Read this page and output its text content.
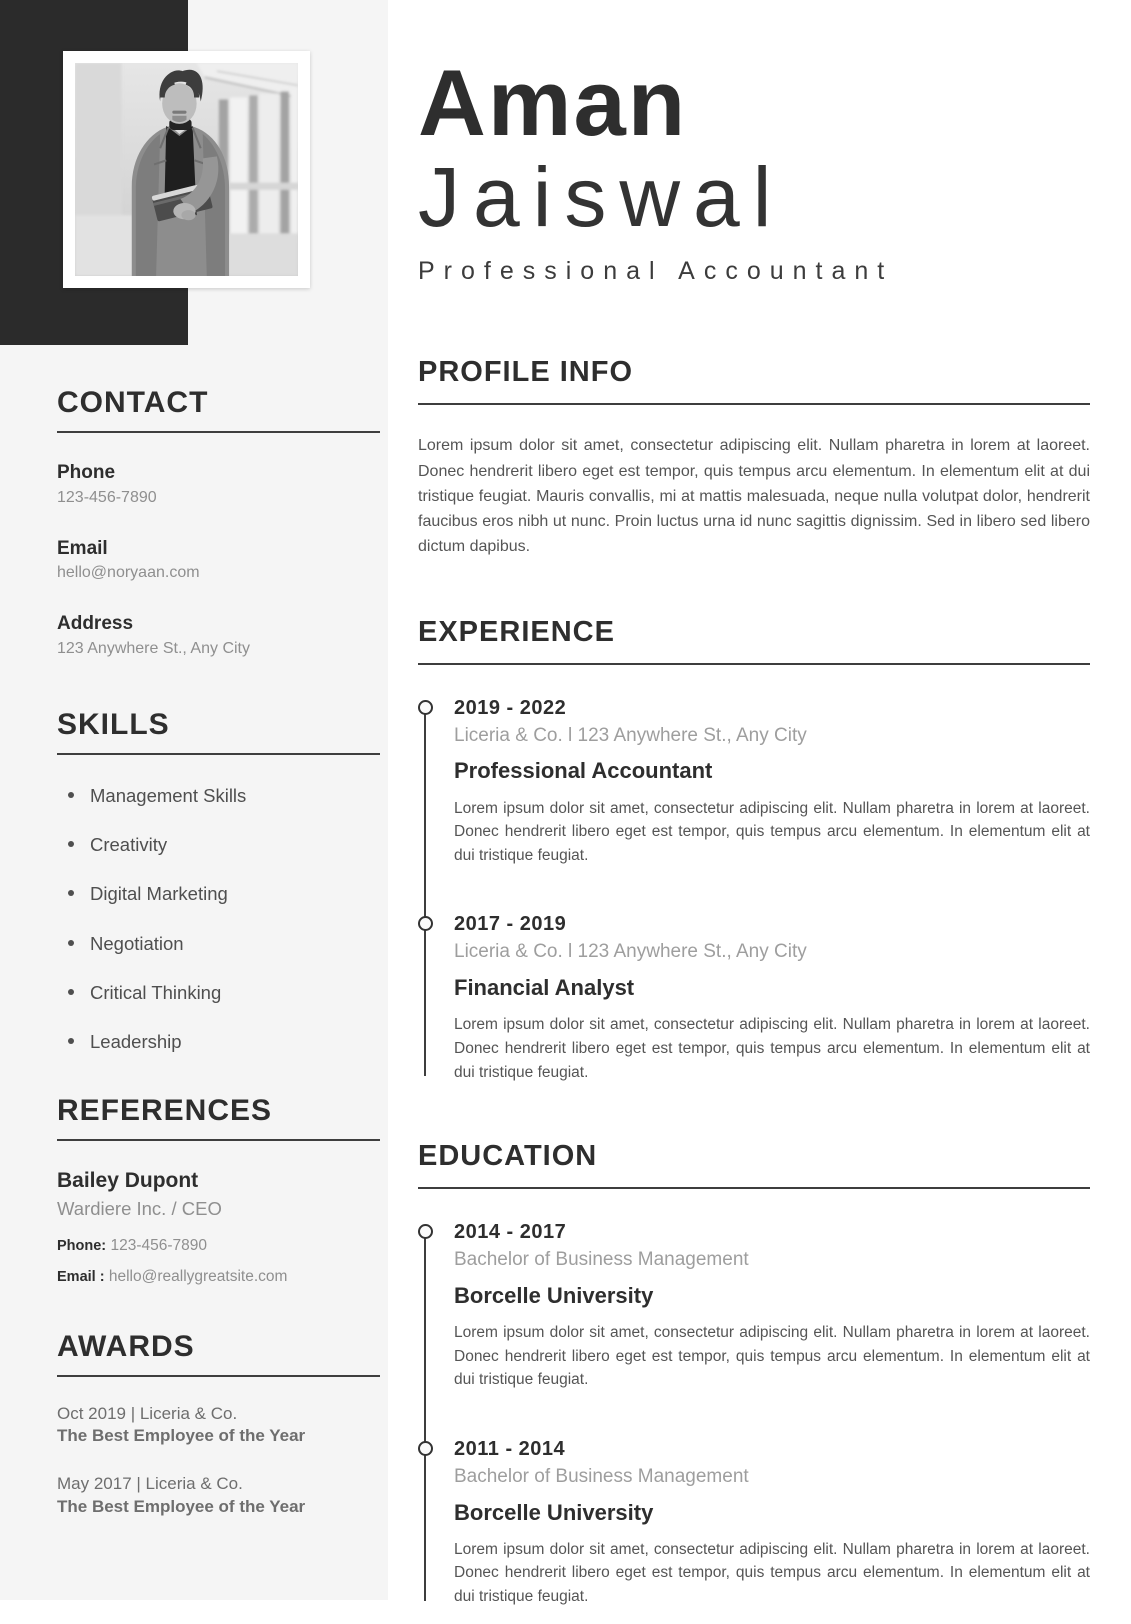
CONTACT
Phone
123-456-7890
Email
hello@noryaan.com
Address
123 Anywhere St., Any City
SKILLS
Management Skills
Creativity
Digital Marketing
Negotiation
Critical Thinking
Leadership
REFERENCES
Bailey Dupont
Wardiere Inc. / CEO
Phone: 123-456-7890
Email : hello@reallygreatsite.com
AWARDS
Oct 2019 | Liceria & Co.
The Best Employee of the Year
May 2017 | Liceria & Co.
The Best Employee of the Year
Aman
Jaiswal
Professional Accountant
PROFILE INFO

Lorem ipsum dolor sit amet, consectetur adipiscing elit. Nullam pharetra in lorem at laoreet. Donec hendrerit libero eget est tempor, quis tempus arcu elementum. In elementum elit at dui tristique feugiat. Mauris convallis, mi at mattis malesuada, neque nulla volutpat dolor, hendrerit faucibus eros nibh ut nunc. Proin luctus urna id nunc sagittis dignissim. Sed in libero sed libero dictum dapibus.

EXPERIENCE
2019 - 2022
Liceria & Co. l 123 Anywhere St., Any City
Professional Accountant

Lorem ipsum dolor sit amet, consectetur adipiscing elit. Nullam pharetra in lorem at laoreet. Donec hendrerit libero eget est tempor, quis tempus arcu elementum. In elementum elit at dui tristique feugiat.

2017 - 2019
Liceria & Co. l 123 Anywhere St., Any City
Financial Analyst

Lorem ipsum dolor sit amet, consectetur adipiscing elit. Nullam pharetra in lorem at laoreet. Donec hendrerit libero eget est tempor, quis tempus arcu elementum. In elementum elit at dui tristique feugiat.

EDUCATION
2014 - 2017
Bachelor of Business Management
Borcelle University

Lorem ipsum dolor sit amet, consectetur adipiscing elit. Nullam pharetra in lorem at laoreet. Donec hendrerit libero eget est tempor, quis tempus arcu elementum. In elementum elit at dui tristique feugiat.

2011 - 2014
Bachelor of Business Management
Borcelle University

Lorem ipsum dolor sit amet, consectetur adipiscing elit. Nullam pharetra in lorem at laoreet. Donec hendrerit libero eget est tempor, quis tempus arcu elementum. In elementum elit at dui tristique feugiat.
